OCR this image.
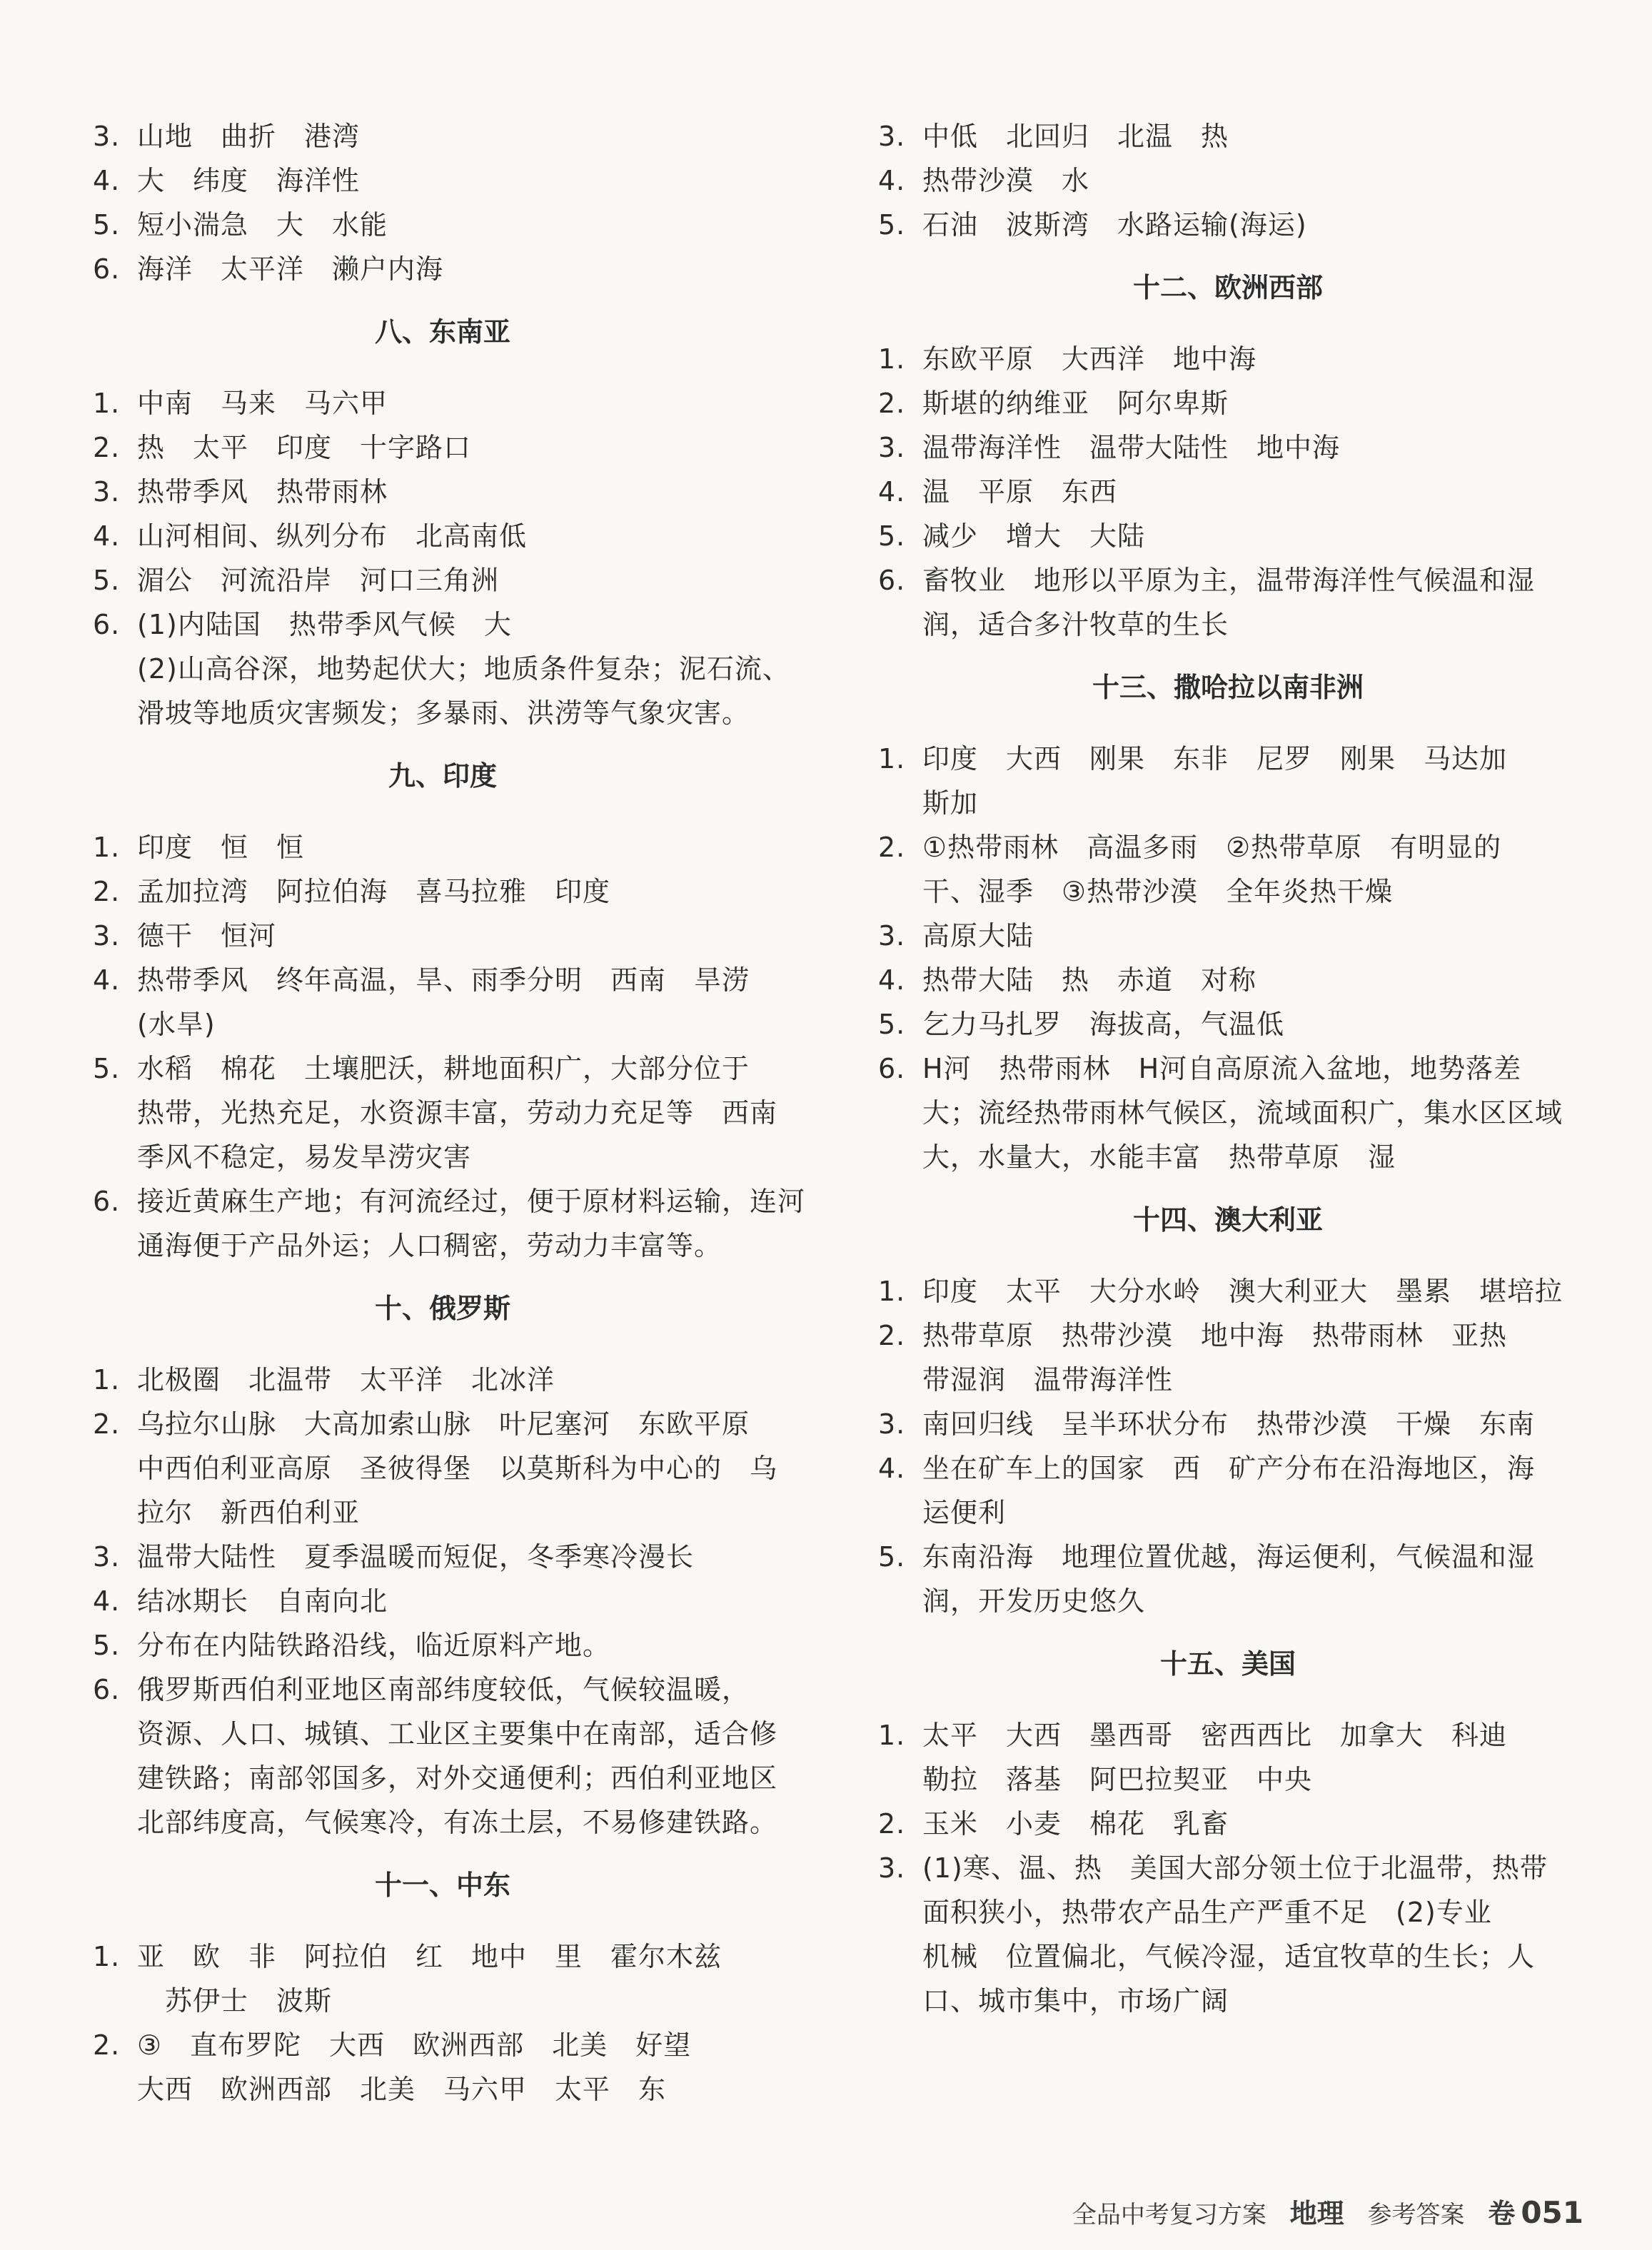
3. 山地　曲折　港湾
4. 大　纬度　海洋性
5. 短小湍急　大　水能
6. 海洋　太平洋　濑户内海
八、东南亚
1. 中南　马来　马六甲
2. 热　太平　印度　十字路口
3. 热带季风　热带雨林
4. 山河相间、纵列分布　北高南低
5. 湄公　河流沿岸　河口三角洲
6. (1)内陆国　热带季风气候　大
(2)山高谷深，地势起伏大；地质条件复杂；泥石流、
滑坡等地质灾害频发；多暴雨、洪涝等气象灾害。
九、印度
1. 印度　恒　恒
2. 孟加拉湾　阿拉伯海　喜马拉雅　印度
3. 德干　恒河
4. 热带季风　终年高温，旱、雨季分明　西南　旱涝
(水旱)
5. 水稻　棉花　土壤肥沃，耕地面积广，大部分位于
热带，光热充足，水资源丰富，劳动力充足等　西南
季风不稳定，易发旱涝灾害
6. 接近黄麻生产地；有河流经过，便于原材料运输，连河
通海便于产品外运；人口稠密，劳动力丰富等。
十、俄罗斯
1. 北极圈　北温带　太平洋　北冰洋
2. 乌拉尔山脉　大高加索山脉　叶尼塞河　东欧平原
中西伯利亚高原　圣彼得堡　以莫斯科为中心的　乌
拉尔　新西伯利亚
3. 温带大陆性　夏季温暖而短促，冬季寒冷漫长
4. 结冰期长　自南向北
5. 分布在内陆铁路沿线，临近原料产地。
6. 俄罗斯西伯利亚地区南部纬度较低，气候较温暖，
资源、人口、城镇、工业区主要集中在南部，适合修
建铁路；南部邻国多，对外交通便利；西伯利亚地区
北部纬度高，气候寒冷，有冻土层，不易修建铁路。
十一、中东
1. 亚　欧　非　阿拉伯　红　地中　里　霍尔木兹
　苏伊士　波斯
2. ③　直布罗陀　大西　欧洲西部　北美　好望
大西　欧洲西部　北美　马六甲　太平　东
3. 中低　北回归　北温　热
4. 热带沙漠　水
5. 石油　波斯湾　水路运输(海运)
十二、欧洲西部
1. 东欧平原　大西洋　地中海
2. 斯堪的纳维亚　阿尔卑斯
3. 温带海洋性　温带大陆性　地中海
4. 温　平原　东西
5. 减少　增大　大陆
6. 畜牧业　地形以平原为主，温带海洋性气候温和湿
润，适合多汁牧草的生长
十三、撒哈拉以南非洲
1. 印度　大西　刚果　东非　尼罗　刚果　马达加
斯加
2. ①热带雨林　高温多雨　②热带草原　有明显的
干、湿季　③热带沙漠　全年炎热干燥
3. 高原大陆
4. 热带大陆　热　赤道　对称
5. 乞力马扎罗　海拔高，气温低
6. H河　热带雨林　H河自高原流入盆地，地势落差
大；流经热带雨林气候区，流域面积广，集水区区域
大，水量大，水能丰富　热带草原　湿
十四、澳大利亚
1. 印度　太平　大分水岭　澳大利亚大　墨累　堪培拉
2. 热带草原　热带沙漠　地中海　热带雨林　亚热
带湿润　温带海洋性
3. 南回归线　呈半环状分布　热带沙漠　干燥　东南
4. 坐在矿车上的国家　西　矿产分布在沿海地区，海
运便利
5. 东南沿海　地理位置优越，海运便利，气候温和湿
润，开发历史悠久
十五、美国
1. 太平　大西　墨西哥　密西西比　加拿大　科迪
勒拉　落基　阿巴拉契亚　中央
2. 玉米　小麦　棉花　乳畜
3. (1)寒、温、热　美国大部分领土位于北温带，热带
面积狭小，热带农产品生产严重不足　(2)专业
机械　位置偏北，气候冷湿，适宜牧草的生长；人
口、城市集中，市场广阔
全品中考复习方案 地理 参考答案 卷 051
